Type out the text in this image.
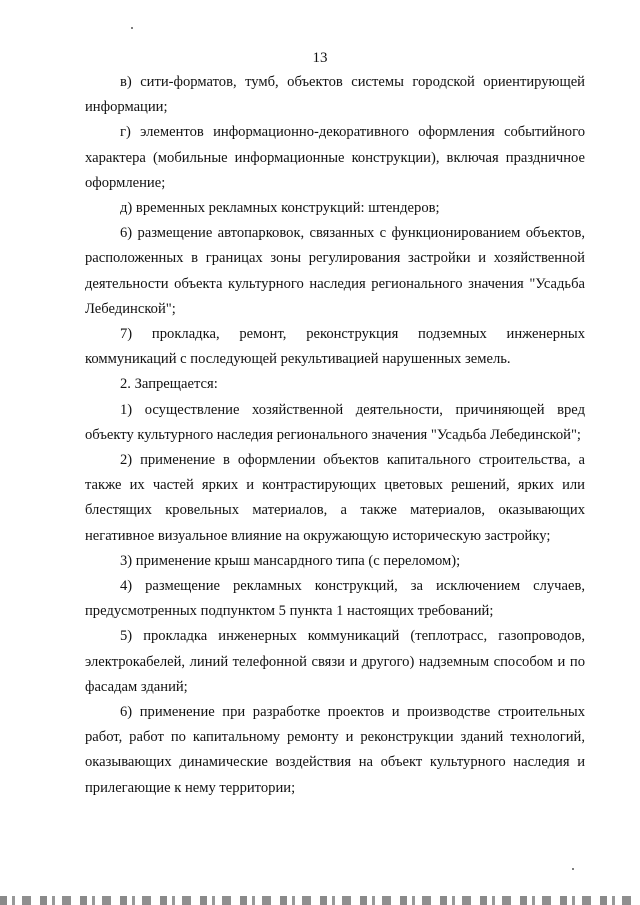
13

в) сити-форматов, тумб, объектов системы городской ориентирующей информации;

г) элементов информационно-декоративного оформления событийного характера (мобильные информационные конструкции), включая праздничное оформление;

д) временных рекламных конструкций: штендеров;

6) размещение автопарковок, связанных с функционированием объектов, расположенных в границах зоны регулирования застройки и хозяйственной деятельности объекта культурного наследия регионального значения "Усадьба Лебединской";

7) прокладка, ремонт, реконструкция подземных инженерных коммуникаций с последующей рекультивацией нарушенных земель.

2. Запрещается:

1) осуществление хозяйственной деятельности, причиняющей вред объекту культурного наследия регионального значения "Усадьба Лебединской";

2) применение в оформлении объектов капитального строительства, а также их частей ярких и контрастирующих цветовых решений, ярких или блестящих кровельных материалов, а также материалов, оказывающих негативное визуальное влияние на окружающую историческую застройку;

3) применение крыш мансардного типа (с переломом);

4) размещение рекламных конструкций, за исключением случаев, предусмотренных подпунктом 5 пункта 1 настоящих требований;

5) прокладка инженерных коммуникаций (теплотрасс, газопроводов, электрокабелей, линий телефонной связи и другого) надземным способом и по фасадам зданий;

6) применение при разработке проектов и производстве строительных работ, работ по капитальному ремонту и реконструкции зданий технологий, оказывающих динамические воздействия на объект культурного наследия и прилегающие к нему территории;
